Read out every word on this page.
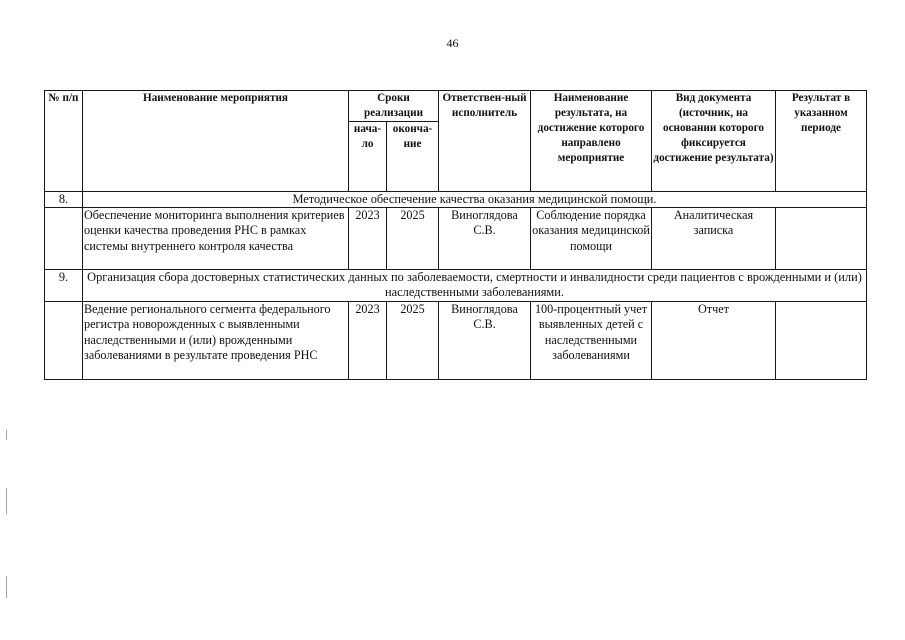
46
№ п/п	Наименование мероприятия	Сроки реализации		Ответствен-ный исполнитель	Наименование результата, на достижение которого направлено мероприятие	Вид документа (источник, на основании которого фиксируется достижение результата)	Результат в указанном периоде
		нача-ло	оконча-ние				
8.	Методическое обеспечение качества оказания медицинской помощи.						
	Обеспечение мониторинга выполнения критериев оценки качества проведения РНС в рамках системы внутреннего контроля качества	2023	2025	Виноглядова С.В.	Соблюдение порядка оказания медицинской помощи	Аналитическая записка	
9.	Организация сбора достоверных статистических данных по заболеваемости, смертности и инвалидности среди пациентов с врожденными и (или) наследственными заболеваниями.						
	Ведение регионального сегмента федерального регистра новорожденных с выявленными наследственными и (или) врожденными заболеваниями в результате проведения РНС	2023	2025	Виноглядова С.В.	100-процентный учет выявленных детей с наследственными заболеваниями	Отчет	
